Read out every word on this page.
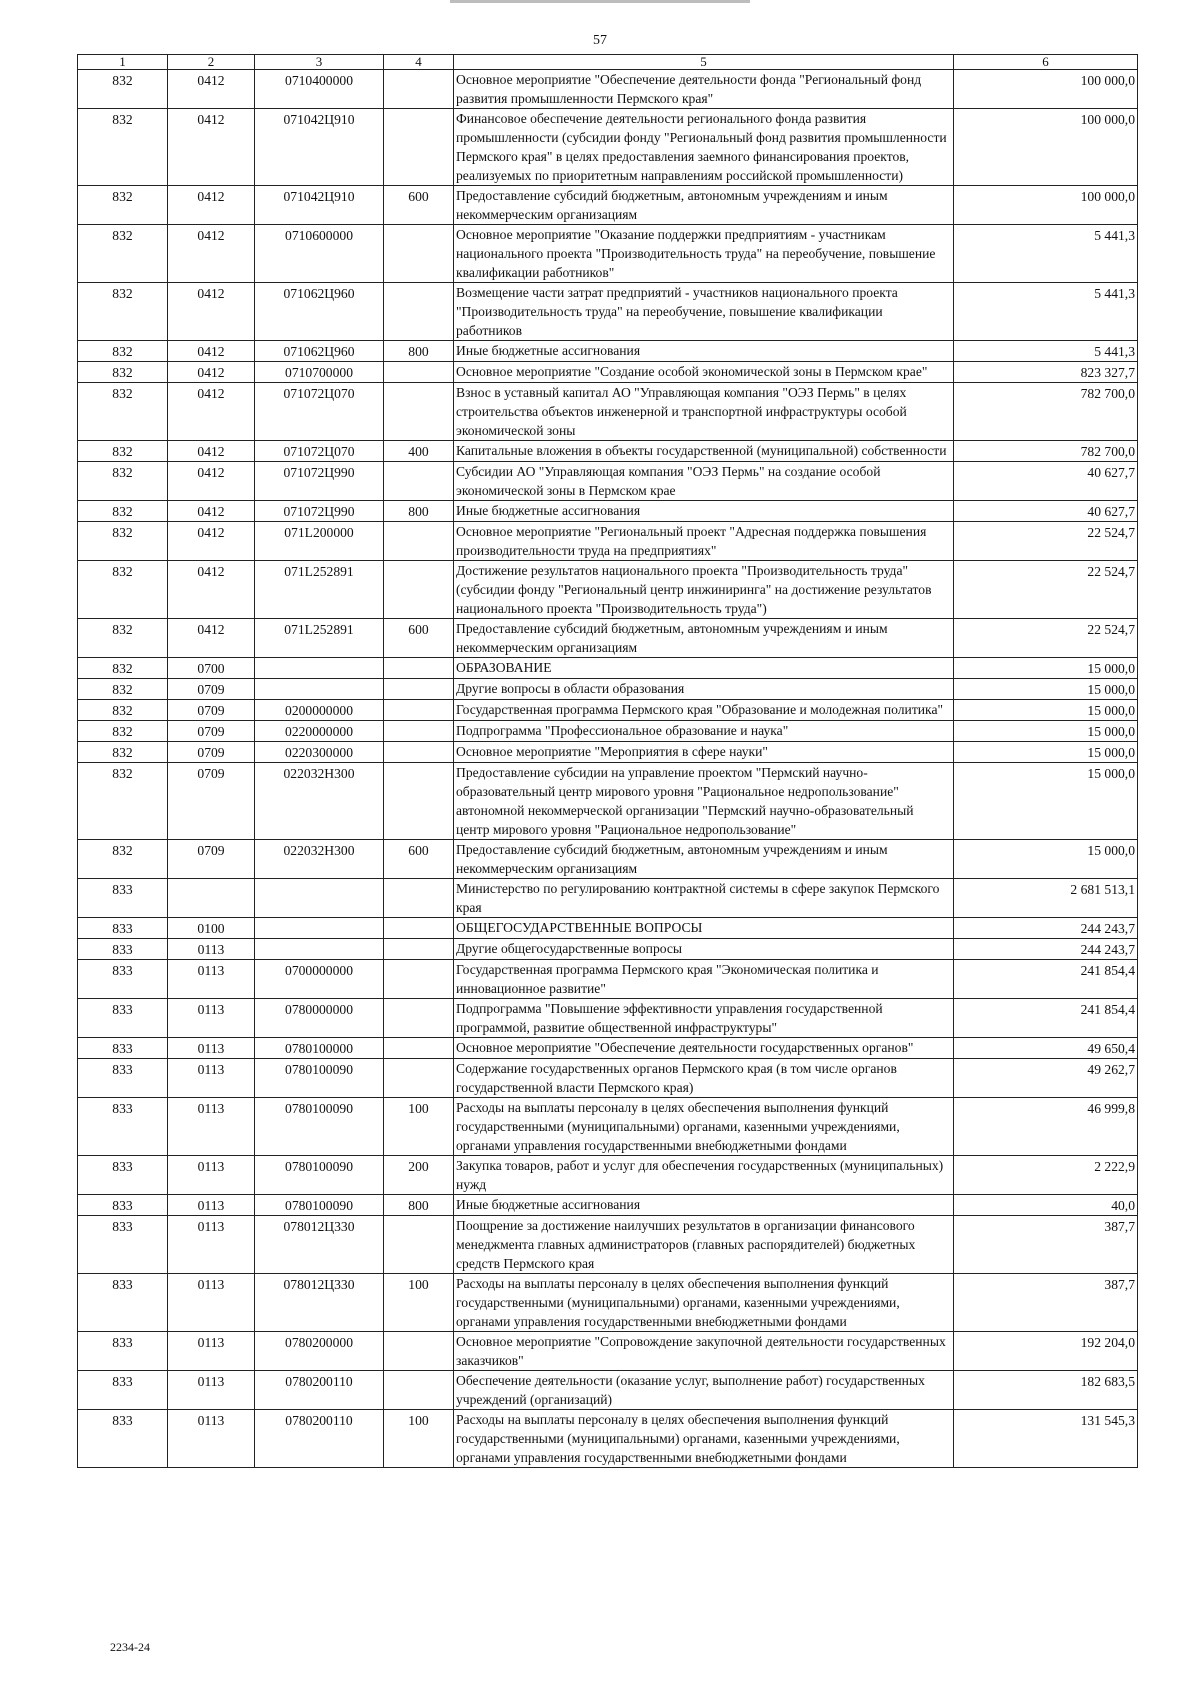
57
1	2	3	4	5	6
832	0412	0710400000		Основное мероприятие "Обеспечение деятельности фонда "Региональный фонд развития промышленности Пермского края"	100 000,0
832	0412	071042Ц910		Финансовое обеспечение деятельности регионального фонда развития промышленности (субсидии фонду "Региональный фонд развития промышленности Пермского края" в целях предоставления заемного финансирования проектов, реализуемых по приоритетным направлениям российской промышленности)	100 000,0
832	0412	071042Ц910	600	Предоставление субсидий бюджетным, автономным учреждениям и иным некоммерческим организациям	100 000,0
832	0412	0710600000		Основное мероприятие "Оказание поддержки предприятиям - участникам национального проекта "Производительность труда" на переобучение, повышение квалификации работников"	5 441,3
832	0412	071062Ц960		Возмещение части затрат предприятий - участников национального проекта "Производительность труда" на переобучение, повышение квалификации работников	5 441,3
832	0412	071062Ц960	800	Иные бюджетные ассигнования	5 441,3
832	0412	0710700000		Основное мероприятие "Создание особой экономической зоны в Пермском крае"	823 327,7
832	0412	071072Ц070		Взнос в уставный капитал АО "Управляющая компания "ОЭЗ Пермь" в целях строительства объектов инженерной и транспортной инфраструктуры особой экономической зоны	782 700,0
832	0412	071072Ц070	400	Капитальные вложения в объекты государственной (муниципальной) собственности	782 700,0
832	0412	071072Ц990		Субсидии АО "Управляющая компания "ОЭЗ Пермь" на создание особой экономической зоны в Пермском крае	40 627,7
832	0412	071072Ц990	800	Иные бюджетные ассигнования	40 627,7
832	0412	071L200000		Основное мероприятие "Региональный проект "Адресная поддержка повышения производительности труда на предприятиях"	22 524,7
832	0412	071L252891		Достижение результатов национального проекта "Производительность труда" (субсидии фонду "Региональный центр инжиниринга" на достижение результатов национального проекта "Производительность труда")	22 524,7
832	0412	071L252891	600	Предоставление субсидий бюджетным, автономным учреждениям и иным некоммерческим организациям	22 524,7
832	0700			ОБРАЗОВАНИЕ	15 000,0
832	0709			Другие вопросы в области образования	15 000,0
832	0709	0200000000		Государственная программа Пермского края "Образование и молодежная политика"	15 000,0
832	0709	0220000000		Подпрограмма "Профессиональное образование и наука"	15 000,0
832	0709	0220300000		Основное мероприятие "Мероприятия в сфере науки"	15 000,0
832	0709	022032Н300		Предоставление субсидии на управление проектом "Пермский научно-образовательный центр мирового уровня "Рациональное недропользование" автономной некоммерческой организации "Пермский научно-образовательный центр мирового уровня "Рациональное недропользование"	15 000,0
832	0709	022032Н300	600	Предоставление субсидий бюджетным, автономным учреждениям и иным некоммерческим организациям	15 000,0
833				Министерство по регулированию контрактной системы в сфере закупок Пермского края	2 681 513,1
833	0100			ОБЩЕГОСУДАРСТВЕННЫЕ ВОПРОСЫ	244 243,7
833	0113			Другие общегосударственные вопросы	244 243,7
833	0113	0700000000		Государственная программа Пермского края "Экономическая политика и инновационное развитие"	241 854,4
833	0113	0780000000		Подпрограмма "Повышение эффективности управления государственной программой, развитие общественной инфраструктуры"	241 854,4
833	0113	0780100000		Основное мероприятие "Обеспечение деятельности государственных органов"	49 650,4
833	0113	0780100090		Содержание государственных органов Пермского края (в том числе органов государственной власти Пермского края)	49 262,7
833	0113	0780100090	100	Расходы на выплаты персоналу в целях обеспечения выполнения функций государственными (муниципальными) органами, казенными учреждениями, органами управления государственными внебюджетными фондами	46 999,8
833	0113	0780100090	200	Закупка товаров, работ и услуг для обеспечения государственных (муниципальных) нужд	2 222,9
833	0113	0780100090	800	Иные бюджетные ассигнования	40,0
833	0113	078012Ц330		Поощрение за достижение наилучших результатов в организации финансового менеджмента главных администраторов (главных распорядителей) бюджетных средств Пермского края	387,7
833	0113	078012Ц330	100	Расходы на выплаты персоналу в целях обеспечения выполнения функций государственными (муниципальными) органами, казенными учреждениями, органами управления государственными внебюджетными фондами	387,7
833	0113	0780200000		Основное мероприятие "Сопровождение закупочной деятельности государственных заказчиков"	192 204,0
833	0113	0780200110		Обеспечение деятельности (оказание услуг, выполнение работ) государственных учреждений (организаций)	182 683,5
833	0113	0780200110	100	Расходы на выплаты персоналу в целях обеспечения выполнения функций государственными (муниципальными) органами, казенными учреждениями, органами управления государственными внебюджетными фондами	131 545,3
2234-24
